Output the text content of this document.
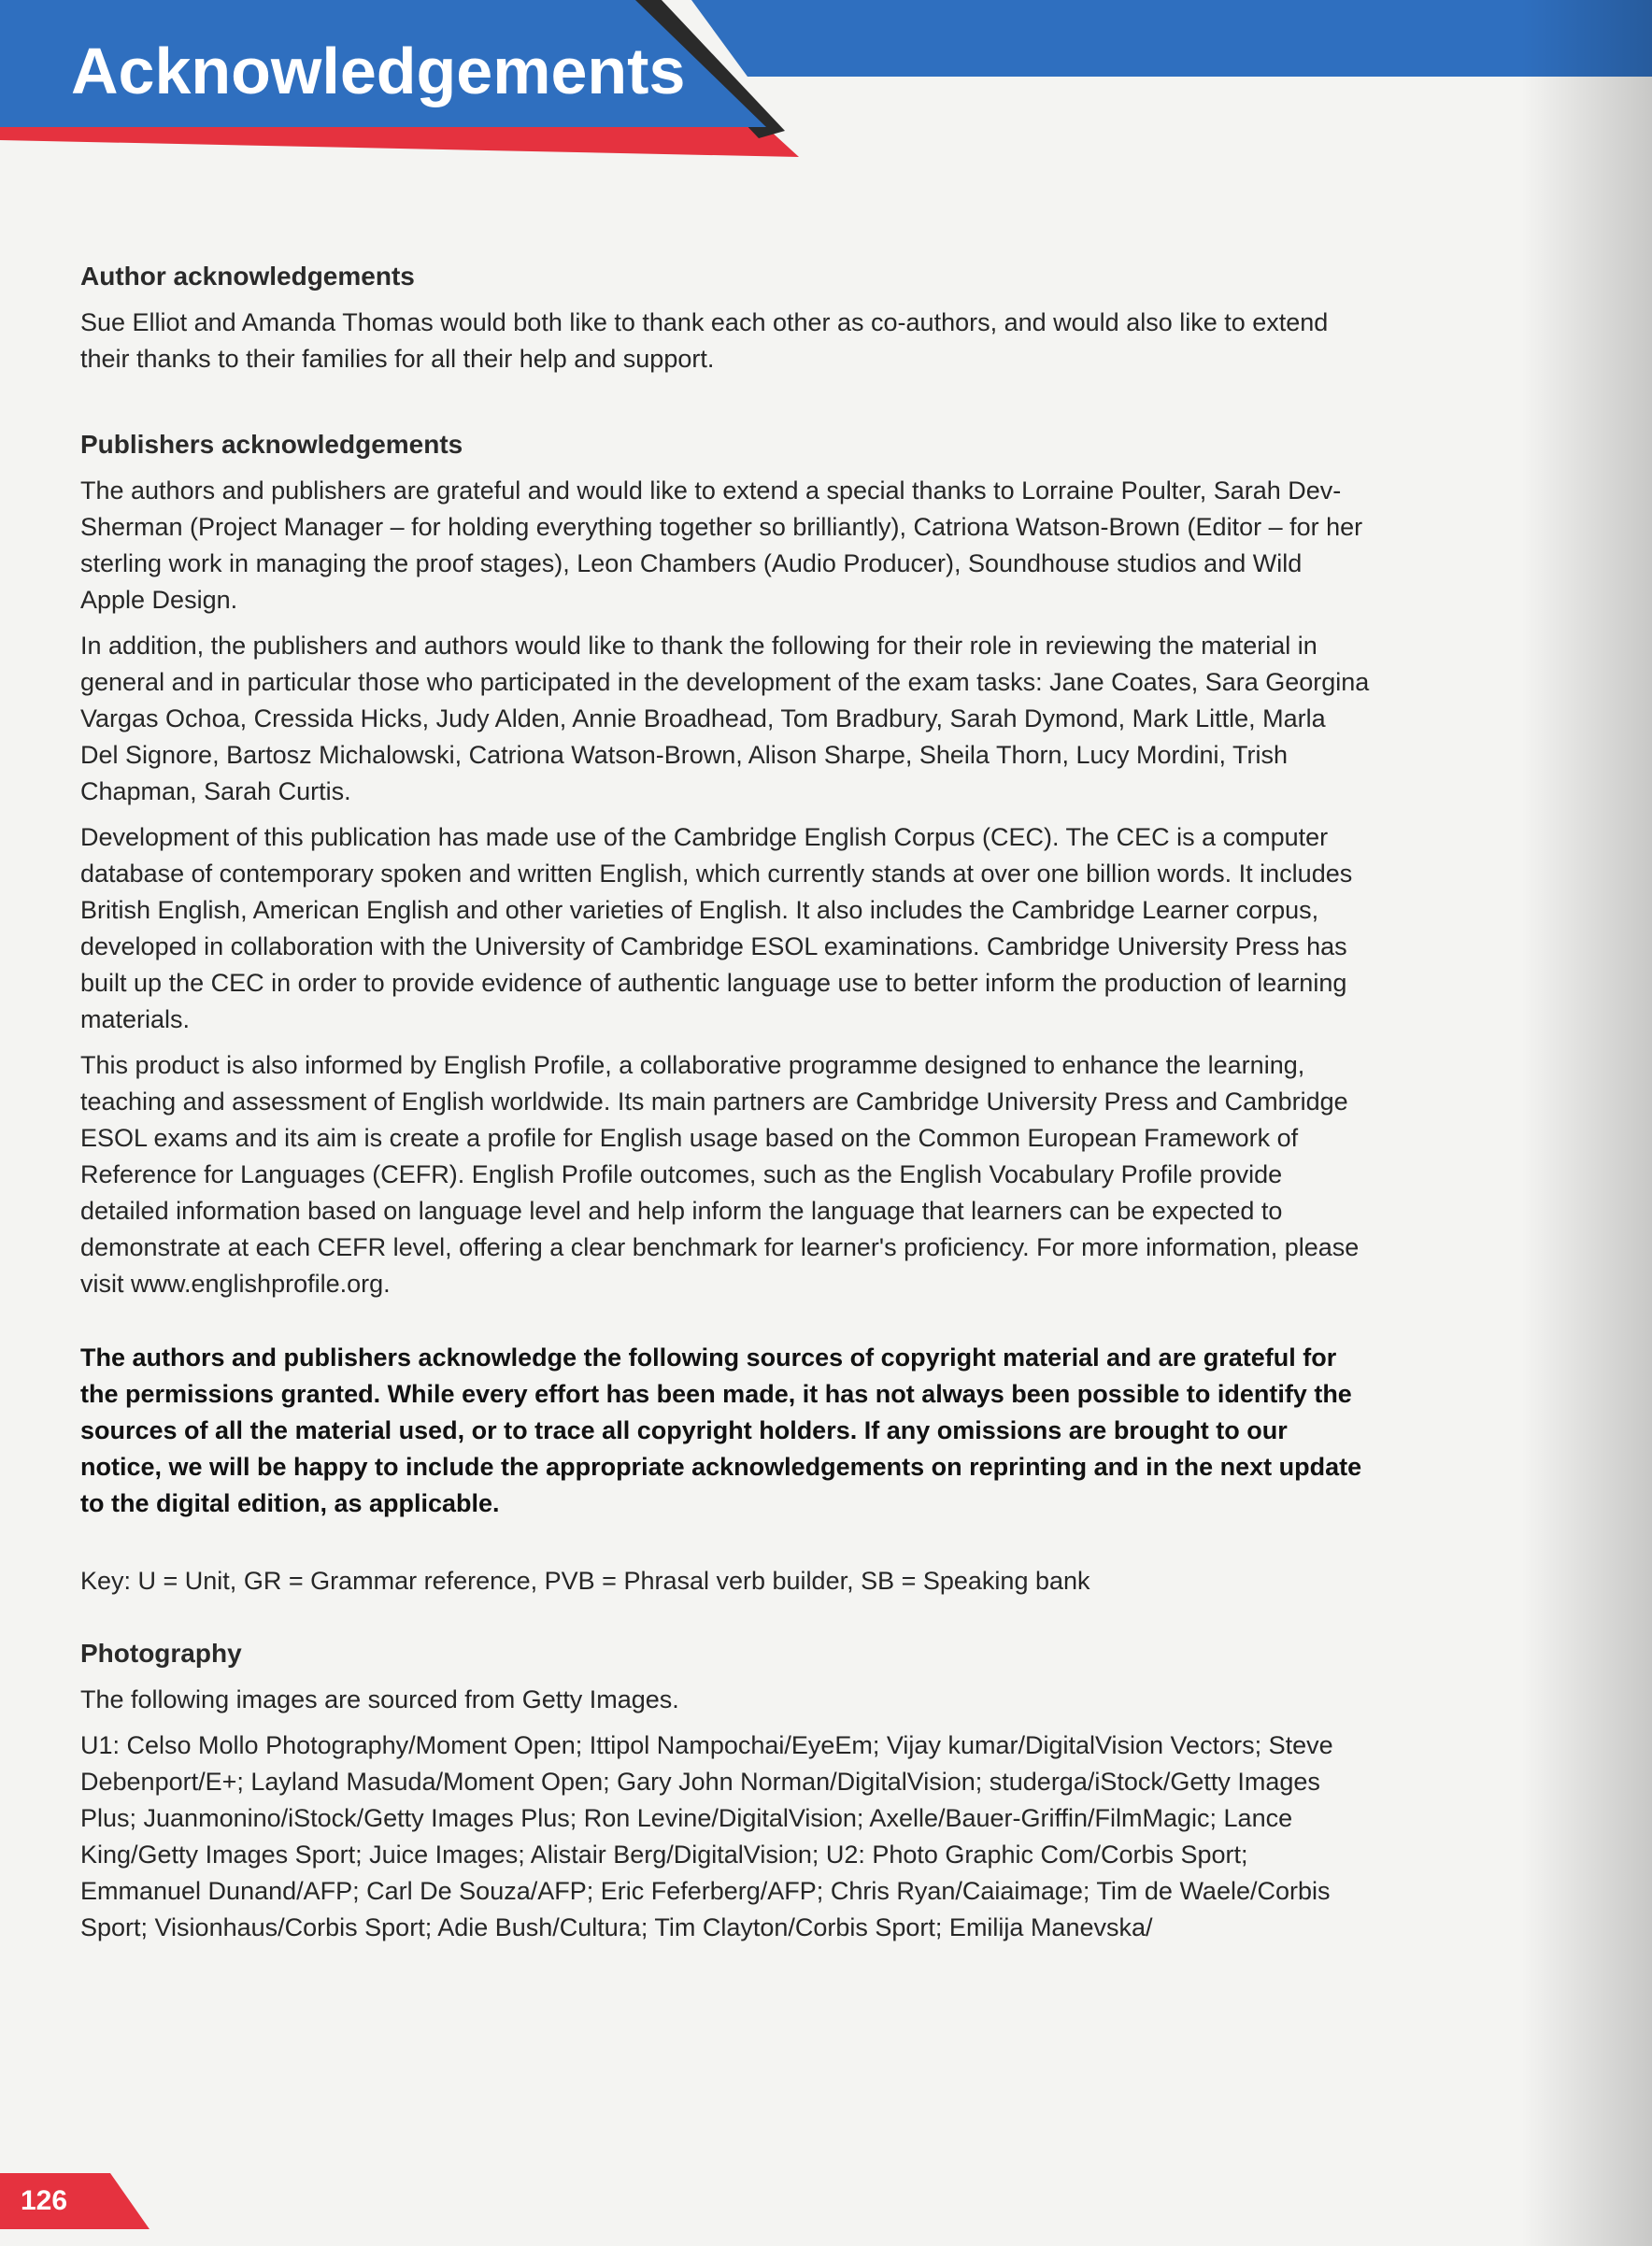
Acknowledgements
Author acknowledgements

Sue Elliot and Amanda Thomas would both like to thank each other as co-authors, and would also like to extend their thanks to their families for all their help and support.

Publishers acknowledgements

The authors and publishers are grateful and would like to extend a special thanks to Lorraine Poulter, Sarah Dev-Sherman (Project Manager – for holding everything together so brilliantly), Catriona Watson-Brown (Editor – for her sterling work in managing the proof stages), Leon Chambers (Audio Producer), Soundhouse studios and Wild Apple Design.

In addition, the publishers and authors would like to thank the following for their role in reviewing the material in general and in particular those who participated in the development of the exam tasks: Jane Coates, Sara Georgina Vargas Ochoa, Cressida Hicks, Judy Alden, Annie Broadhead, Tom Bradbury, Sarah Dymond, Mark Little, Marla Del Signore, Bartosz Michalowski, Catriona Watson-Brown, Alison Sharpe, Sheila Thorn, Lucy Mordini, Trish Chapman, Sarah Curtis.

Development of this publication has made use of the Cambridge English Corpus (CEC). The CEC is a computer database of contemporary spoken and written English, which currently stands at over one billion words. It includes British English, American English and other varieties of English. It also includes the Cambridge Learner corpus, developed in collaboration with the University of Cambridge ESOL examinations. Cambridge University Press has built up the CEC in order to provide evidence of authentic language use to better inform the production of learning materials.

This product is also informed by English Profile, a collaborative programme designed to enhance the learning, teaching and assessment of English worldwide. Its main partners are Cambridge University Press and Cambridge ESOL exams and its aim is create a profile for English usage based on the Common European Framework of Reference for Languages (CEFR). English Profile outcomes, such as the English Vocabulary Profile provide detailed information based on language level and help inform the language that learners can be expected to demonstrate at each CEFR level, offering a clear benchmark for learner's proficiency. For more information, please visit www.englishprofile.org.

The authors and publishers acknowledge the following sources of copyright material and are grateful for the permissions granted. While every effort has been made, it has not always been possible to identify the sources of all the material used, or to trace all copyright holders. If any omissions are brought to our notice, we will be happy to include the appropriate acknowledgements on reprinting and in the next update to the digital edition, as applicable.

Key: U = Unit, GR = Grammar reference, PVB = Phrasal verb builder, SB = Speaking bank

Photography

The following images are sourced from Getty Images.

U1: Celso Mollo Photography/Moment Open; Ittipol Nampochai/EyeEm; Vijay kumar/DigitalVision Vectors; Steve Debenport/E+; Layland Masuda/Moment Open; Gary John Norman/DigitalVision; studerga/iStock/Getty Images Plus; Juanmonino/iStock/Getty Images Plus; Ron Levine/DigitalVision; Axelle/Bauer-Griffin/FilmMagic; Lance King/Getty Images Sport; Juice Images; Alistair Berg/DigitalVision; U2: Photo Graphic Com/Corbis Sport; Emmanuel Dunand/AFP; Carl De Souza/AFP; Eric Feferberg/AFP; Chris Ryan/Caiaimage; Tim de Waele/Corbis Sport; Visionhaus/Corbis Sport; Adie Bush/Cultura; Tim Clayton/Corbis Sport; Emilija Manevska/

126
